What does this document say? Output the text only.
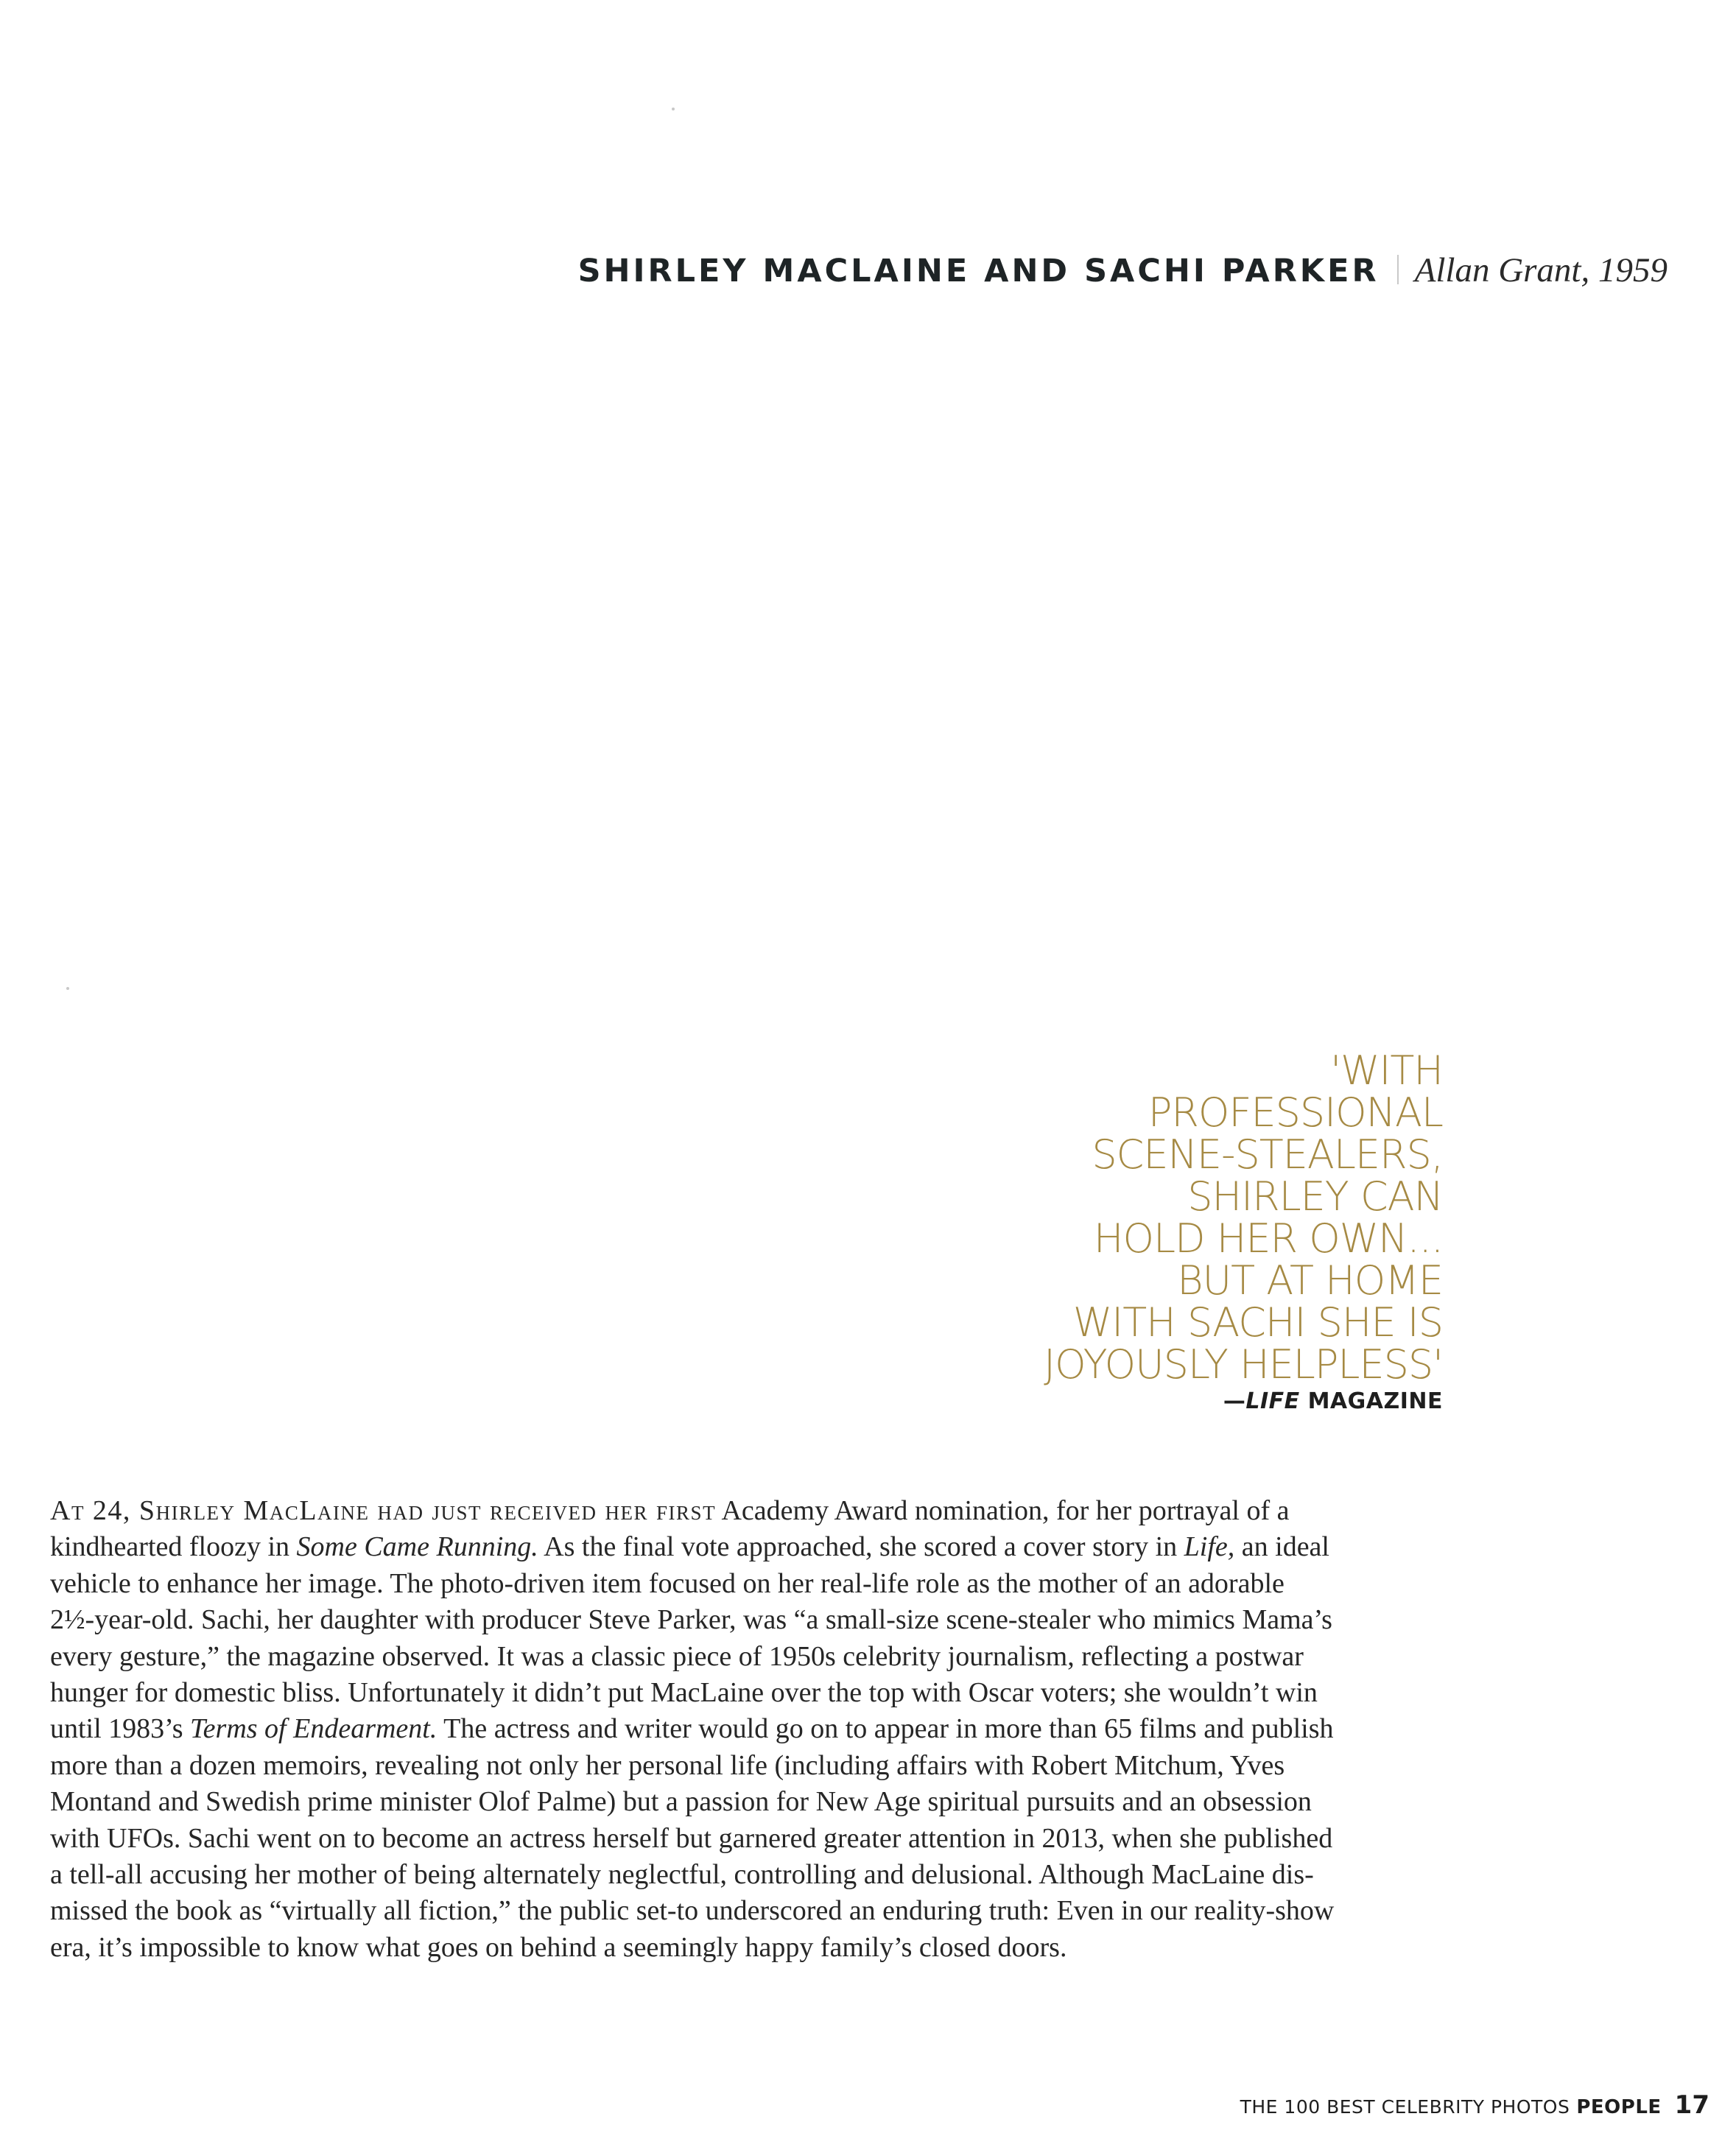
SHIRLEY MACLAINE AND SACHI PARKER Allan Grant, 1959
'WITH
PROFESSIONAL
SCENE-STEALERS,
SHIRLEY CAN
HOLD HER OWN...
BUT AT HOME
WITH SACHI SHE IS
JOYOUSLY HELPLESS'
—LIFE MAGAZINE
At 24, Shirley MacLaine had just received her first Academy Award nomination, for her portrayal of a
kindhearted floozy in Some Came Running. As the final vote approached, she scored a cover story in Life, an ideal
vehicle to enhance her image. The photo-driven item focused on her real-life role as the mother of an adorable
2½-year-old. Sachi, her daughter with producer Steve Parker, was “a small-size scene-stealer who mimics Mama’s
every gesture,” the magazine observed. It was a classic piece of 1950s celebrity journalism, reflecting a postwar
hunger for domestic bliss. Unfortunately it didn’t put MacLaine over the top with Oscar voters; she wouldn’t win
until 1983’s Terms of Endearment. The actress and writer would go on to appear in more than 65 films and publish
more than a dozen memoirs, revealing not only her personal life (including affairs with Robert Mitchum, Yves
Montand and Swedish prime minister Olof Palme) but a passion for New Age spiritual pursuits and an obsession
with UFOs. Sachi went on to become an actress herself but garnered greater attention in 2013, when she published
a tell-all accusing her mother of being alternately neglectful, controlling and delusional. Although MacLaine dis-
missed the book as “virtually all fiction,” the public set-to underscored an enduring truth: Even in our reality-show
era, it’s impossible to know what goes on behind a seemingly happy family’s closed doors.
THE 100 BEST CELEBRITY PHOTOS PEOPLE 17
